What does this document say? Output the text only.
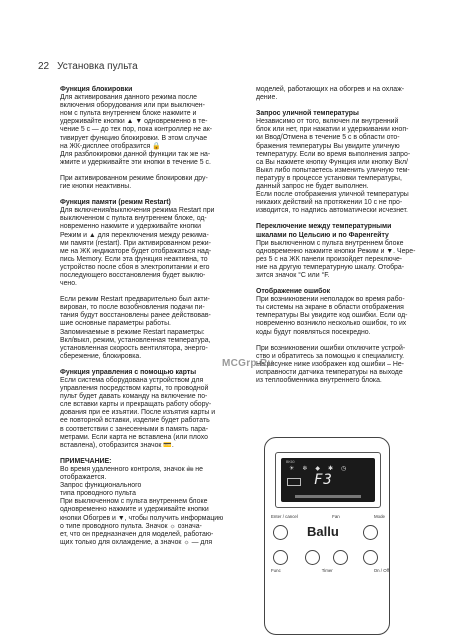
22 Установка пульта

Функция блокировки

Для активирования данного режима после
включения оборудования или при выключен-
ном с пульта внутреннем блоке нажмите и
удерживайте кнопки ▲ ▼ одновременно в те-
чение 5 с — до тех пор, пока контроллер не ак-
тивирует функцию блокировки. В этом случае
на ЖК-дисплее отобразится 🔒
Для разблокировки данной функции так же на-
жмите и удерживайте эти кнопки в течение 5 с.

При активированном режиме блокировки дру-
гие кнопки неактивны.

Функция памяти (режим Restart)

Для включения/выключения режима Restart при
выключенном с пульта внутреннем блоке, од-
новременно нажмите и удерживайте кнопки
Режим и ▲ для переключения между режима-
ми памяти (restart). При активированном режи-
ме на ЖК индикаторе будет отображаться над-
пись Memory. Если эта функция неактивна, то
устройство после сбоя в электропитании и его
последующего восстановления будет выклю-
чено.

Если режим Restart предварительно был акти-
вирован, то после возобновления подачи пи-
тания будут восстановлены ранее действовав-
шие основные параметры работы.
Запоминаемые в режиме Restart параметры:
Вкл/выкл, режим, установленная температура,
установленная скорость вентилятора, энерго-
сбережение, блокировка.

Функция управления с помощью карты

Если система оборудована устройством для
управления посредством карты, то проводной
пульт будет давать команду на включение по-
сле вставки карты и прекращать работу обору-
дования при ее изъятии. После изъятия карты и
ее повторной вставки, изделие будет работать
в соответствии с занесенными в память пара-
метрами. Если карта не вставлена (или плохо
вставлена), отобразится значок 💳.

ПРИМЕЧАНИЕ:

Во время удаленного контроля, значок 🖮 не
отображается.
Запрос функционального
типа проводного пульта
При выключенном с пульта внутреннем блоке
одновременно нажмите и удерживайте кнопки
кнопки Обогрев и ▼, чтобы получить информацию
о типе проводного пульта. Значок ☼ означа-
ет, что он предназначен для моделей, работаю-
щих только для охлаждение, а значок ☼ — для

моделей, работающих на обогрев и на охлаж-
дение.

Запрос уличной температуры

Независимо от того, включен ли внутренний
блок или нет, при нажатии и удерживании кноп-
ки Ввод/Отмена в течение 5 с в области ото-
бражения температуры Вы увидите уличную
температуру. Если во время выполнения запро-
са Вы нажмете кнопку Функция или кнопку Вкл/
Выкл либо попытаетесь изменить уличную тем-
пературу в процессе установки температуры,
данный запрос не будет выполнен.
Если после отображения уличной температуры
никаких действий на протяжении 10 с не про-
изводится, то надпись автоматически исчезнет.

Переключение между температурными
шкалами по Цельсию и по Фаренгейту

При выключенном с пульта внутреннем блоке
одновременно нажмите кнопки Режим и ▼. Чере-
рез 5 с на ЖК панели произойдет переключе-
ние на другую температурную шкалу. Отобра-
зится значок °С или °F.

Отображение ошибок

При возникновении неполадок во время рабо-
ты системы на экране в области отображения
температуры Вы увидите код ошибки. Если од-
новременно возникло несколько ошибок, то их
коды будут появляться посекредно.

При возникновении ошибки отключите устрой-
ство и обратитесь за помощью к специалисту.
На рисунке ниже изображен код ошибки – Не-
исправности датчика температуры на выходе
из теплообменника внутреннего блока.

MCGrp.Ru
BK60
☀ ❄ ◆ ✱ ◷
F3
Enter / cancel	Fan	Mode
Ballu
Func	Timer	On / Off
